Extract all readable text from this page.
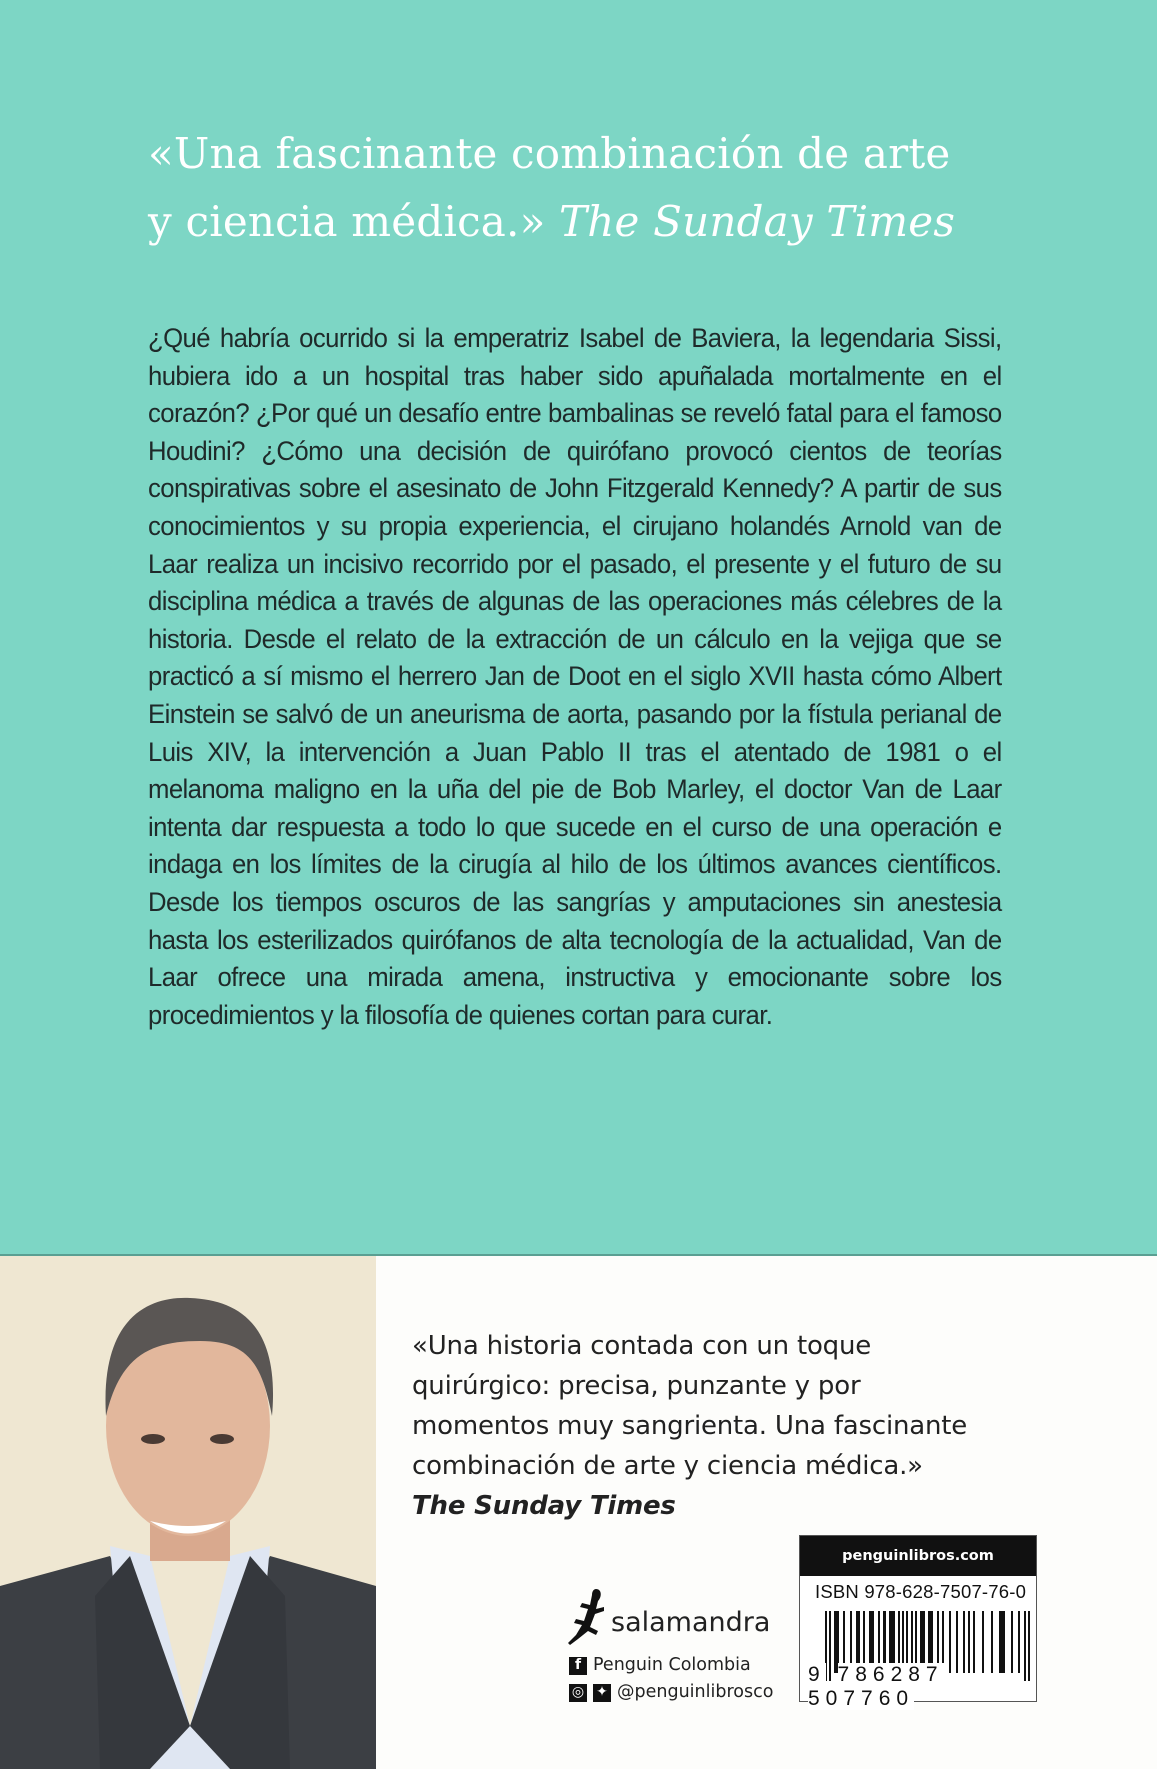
«Una fascinante combinación de arte
y ciencia médica.» The Sunday Times

¿Qué habría ocurrido si la emperatriz Isabel de Baviera, la legendaria Sissi, hubiera ido a un hospital tras haber sido apuñalada mortalmente en el corazón? ¿Por qué un desafío entre bambalinas se reveló fatal para el famoso Houdini? ¿Cómo una decisión de quirófano provocó cientos de teorías conspirativas sobre el asesinato de John Fitzgerald Kennedy? A partir de sus conocimientos y su propia experiencia, el cirujano holandés Arnold van de Laar realiza un incisivo recorrido por el pasado, el presente y el futuro de su disciplina médica a través de algunas de las operaciones más célebres de la historia. Desde el relato de la extracción de un cálculo en la vejiga que se practicó a sí mismo el herrero Jan de Doot en el siglo XVII hasta cómo Albert Einstein se salvó de un aneurisma de aorta, pasando por la fístula perianal de Luis XIV, la intervención a Juan Pablo II tras el atentado de 1981 o el melanoma maligno en la uña del pie de Bob Marley, el doctor Van de Laar intenta dar respuesta a todo lo que sucede en el curso de una operación e indaga en los límites de la cirugía al hilo de los últimos avances científicos. Desde los tiempos oscuros de las sangrías y amputaciones sin anestesia hasta los esterilizados quirófanos de alta tecnología de la actualidad, Van de Laar ofrece una mirada amena, instructiva y emocionante sobre los procedimientos y la filosofía de quienes cortan para curar.

«Una historia contada con un toque quirúrgico: precisa, punzante y por momentos muy sangrienta. Una fascinante combinación de arte y ciencia médica.»
The Sunday Times
salamandra
f Penguin Colombia
◎ ✦ @penguinlibrosco
penguinlibros.com
ISBN 978-628-7507-76-0
9 786287 507760
